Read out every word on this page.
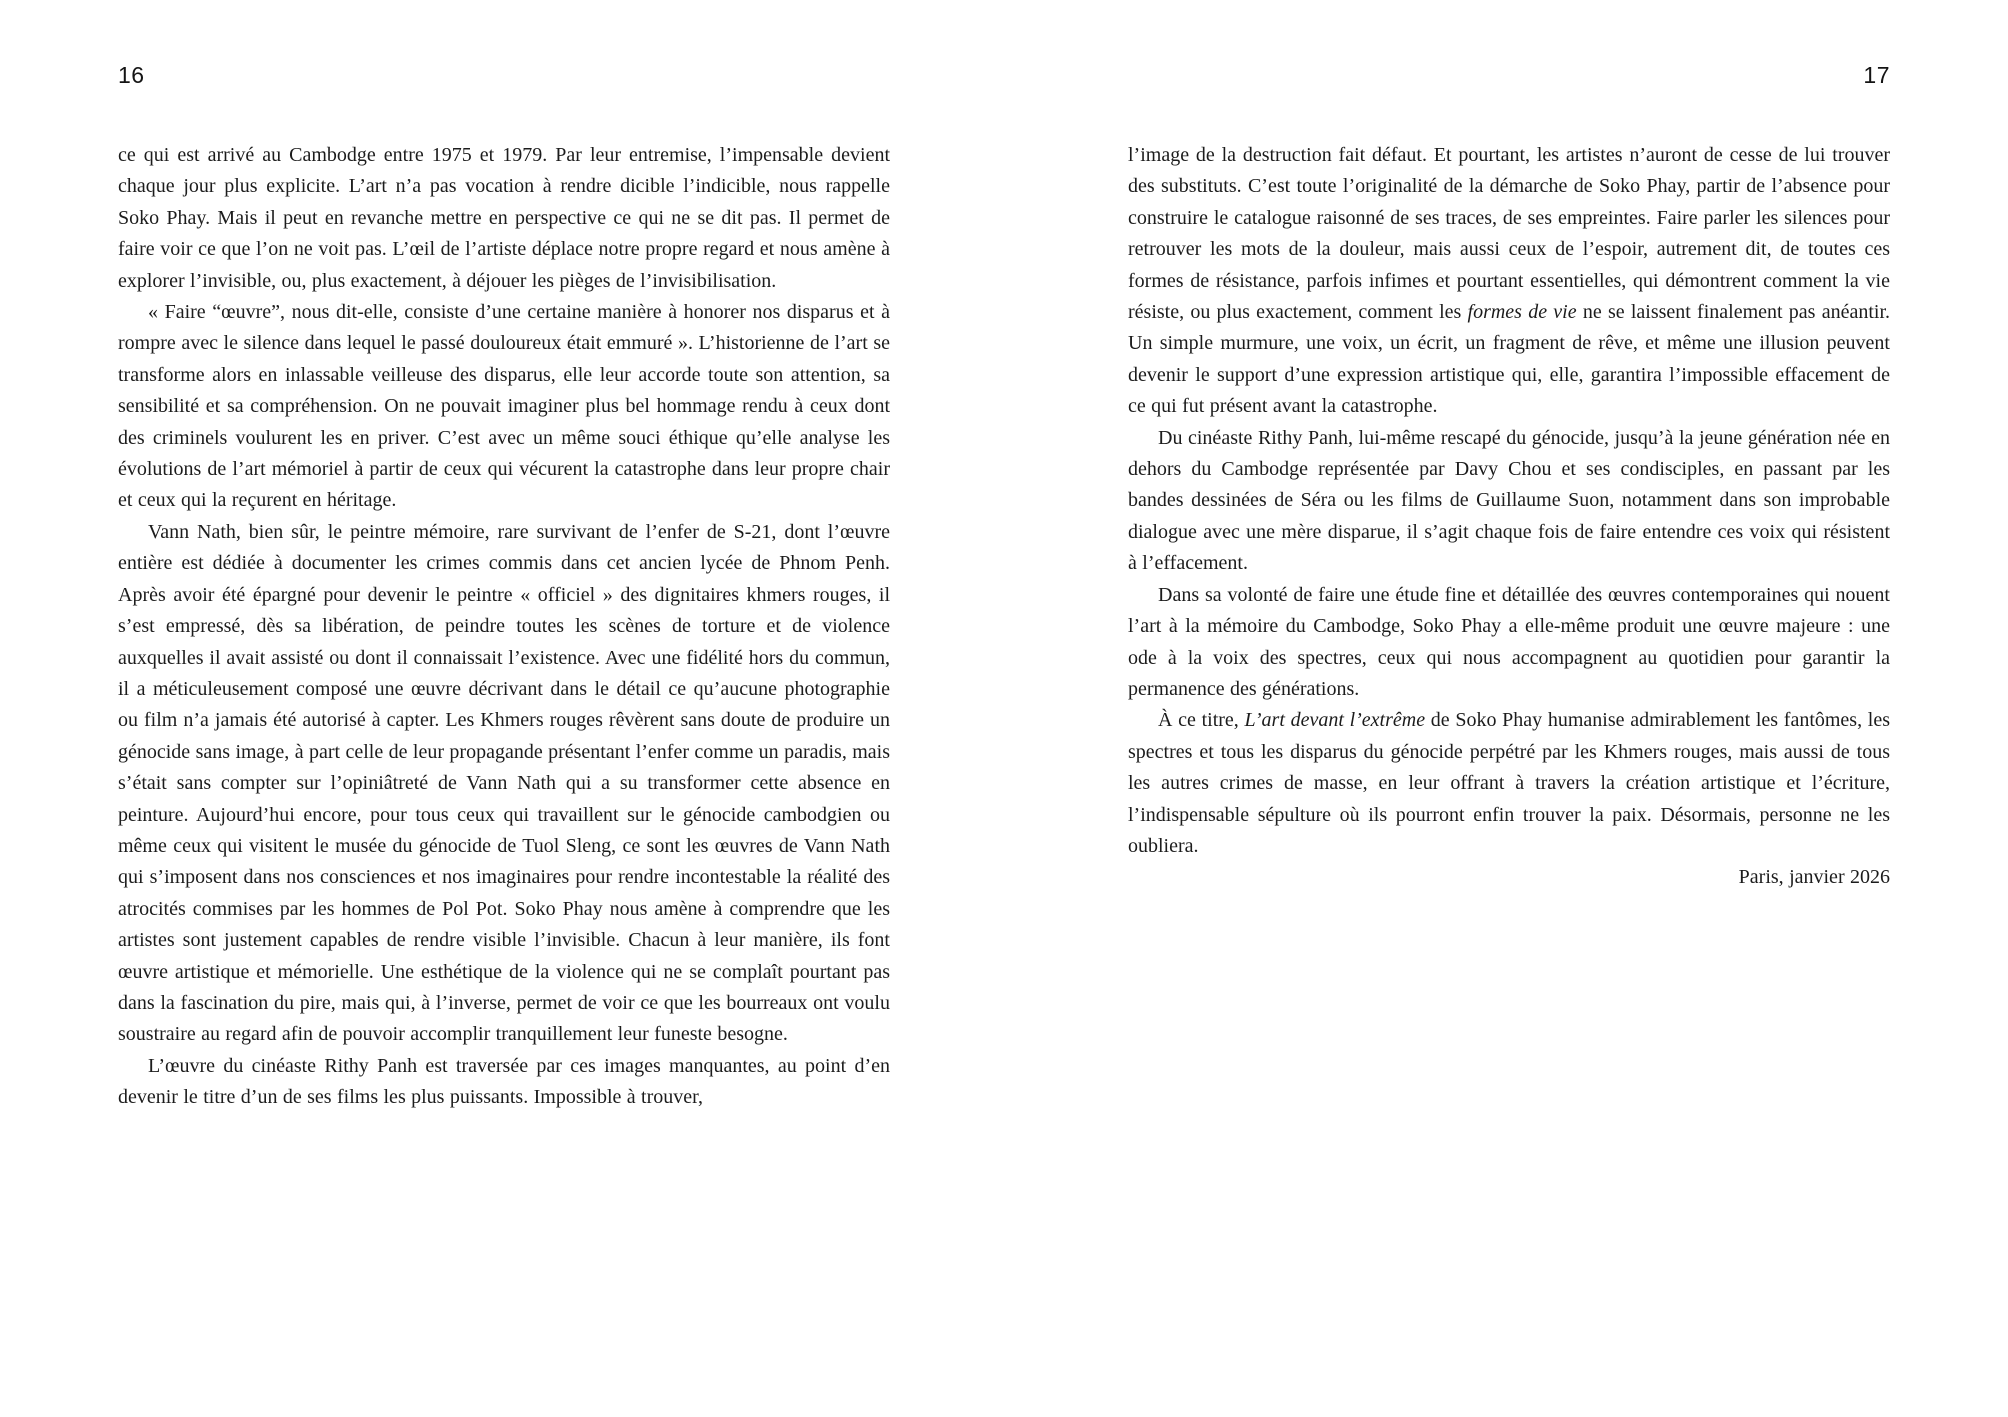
16

ce qui est arrivé au Cambodge entre 1975 et 1979. Par leur entremise, l’impensable devient chaque jour plus explicite. L’art n’a pas vocation à rendre dicible l’indicible, nous rappelle Soko Phay. Mais il peut en revanche mettre en perspective ce qui ne se dit pas. Il permet de faire voir ce que l’on ne voit pas. L’œil de l’artiste déplace notre propre regard et nous amène à explorer l’invisible, ou, plus exactement, à déjouer les pièges de l’invisibilisation.

« Faire “œuvre”, nous dit-elle, consiste d’une certaine manière à honorer nos disparus et à rompre avec le silence dans lequel le passé douloureux était emmuré ». L’historienne de l’art se transforme alors en inlassable veilleuse des disparus, elle leur accorde toute son attention, sa sensibilité et sa compréhension. On ne pouvait imaginer plus bel hommage rendu à ceux dont des criminels voulurent les en priver. C’est avec un même souci éthique qu’elle analyse les évolutions de l’art mémoriel à partir de ceux qui vécurent la catastrophe dans leur propre chair et ceux qui la reçurent en héritage.

Vann Nath, bien sûr, le peintre mémoire, rare survivant de l’enfer de S-21, dont l’œuvre entière est dédiée à documenter les crimes commis dans cet ancien lycée de Phnom Penh. Après avoir été épargné pour devenir le peintre « officiel » des dignitaires khmers rouges, il s’est empressé, dès sa libération, de peindre toutes les scènes de torture et de violence auxquelles il avait assisté ou dont il connaissait l’existence. Avec une fidélité hors du commun, il a méticuleusement composé une œuvre décrivant dans le détail ce qu’aucune photographie ou film n’a jamais été autorisé à capter. Les Khmers rouges rêvèrent sans doute de produire un génocide sans image, à part celle de leur propagande présentant l’enfer comme un paradis, mais s’était sans compter sur l’opiniâtreté de Vann Nath qui a su transformer cette absence en peinture. Aujourd’hui encore, pour tous ceux qui travaillent sur le génocide cambodgien ou même ceux qui visitent le musée du génocide de Tuol Sleng, ce sont les œuvres de Vann Nath qui s’imposent dans nos consciences et nos imaginaires pour rendre incontestable la réalité des atrocités commises par les hommes de Pol Pot. Soko Phay nous amène à comprendre que les artistes sont justement capables de rendre visible l’invisible. Chacun à leur manière, ils font œuvre artistique et mémorielle. Une esthétique de la violence qui ne se complaît pourtant pas dans la fascination du pire, mais qui, à l’inverse, permet de voir ce que les bourreaux ont voulu soustraire au regard afin de pouvoir accomplir tranquillement leur funeste besogne.

L’œuvre du cinéaste Rithy Panh est traversée par ces images manquantes, au point d’en devenir le titre d’un de ses films les plus puissants. Impossible à trouver,

17

l’image de la destruction fait défaut. Et pourtant, les artistes n’auront de cesse de lui trouver des substituts. C’est toute l’originalité de la démarche de Soko Phay, partir de l’absence pour construire le catalogue raisonné de ses traces, de ses empreintes. Faire parler les silences pour retrouver les mots de la douleur, mais aussi ceux de l’espoir, autrement dit, de toutes ces formes de résistance, parfois infimes et pourtant essentielles, qui démontrent comment la vie résiste, ou plus exactement, comment les formes de vie ne se laissent finalement pas anéantir. Un simple murmure, une voix, un écrit, un fragment de rêve, et même une illusion peuvent devenir le support d’une expression artistique qui, elle, garantira l’impossible effacement de ce qui fut présent avant la catastrophe.

Du cinéaste Rithy Panh, lui-même rescapé du génocide, jusqu’à la jeune génération née en dehors du Cambodge représentée par Davy Chou et ses condisciples, en passant par les bandes dessinées de Séra ou les films de Guillaume Suon, notamment dans son improbable dialogue avec une mère disparue, il s’agit chaque fois de faire entendre ces voix qui résistent à l’effacement.

Dans sa volonté de faire une étude fine et détaillée des œuvres contemporaines qui nouent l’art à la mémoire du Cambodge, Soko Phay a elle-même produit une œuvre majeure : une ode à la voix des spectres, ceux qui nous accompagnent au quotidien pour garantir la permanence des générations.

À ce titre, L’art devant l’extrême de Soko Phay humanise admirablement les fantômes, les spectres et tous les disparus du génocide perpétré par les Khmers rouges, mais aussi de tous les autres crimes de masse, en leur offrant à travers la création artistique et l’écriture, l’indispensable sépulture où ils pourront enfin trouver la paix. Désormais, personne ne les oubliera.

Paris, janvier 2026
